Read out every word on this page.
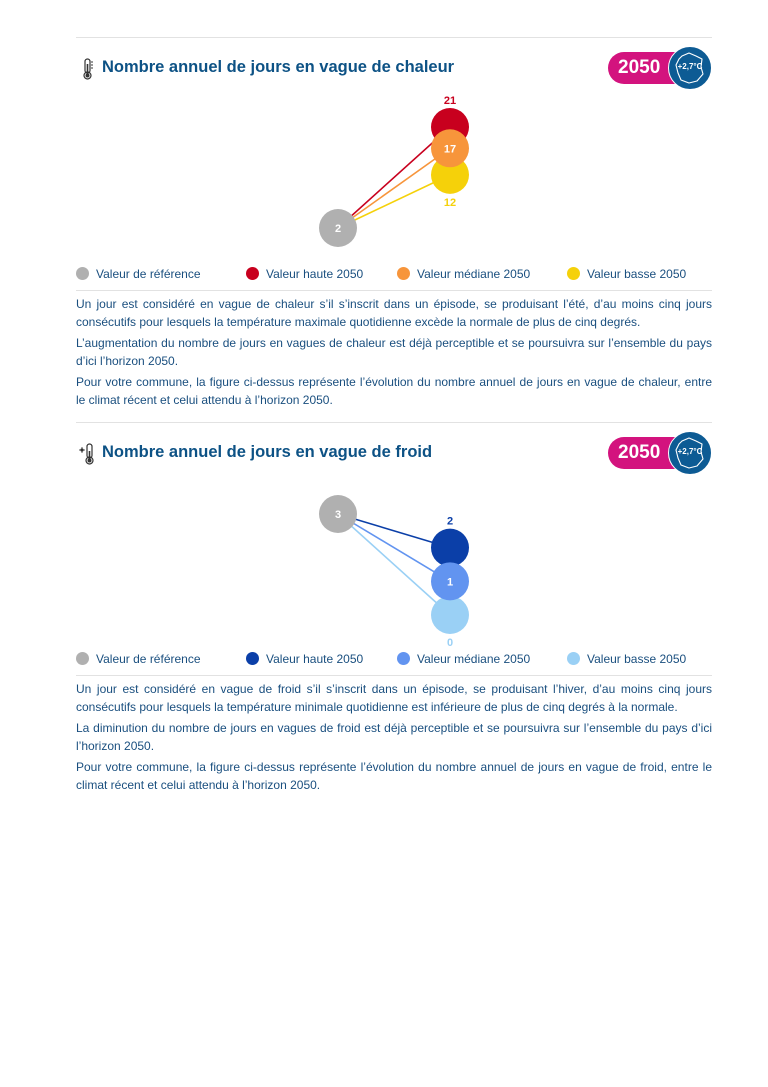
Nombre annuel de jours en vague de chaleur	2050	+2,7°C
2
21
17
12
Valeur de référence	Valeur haute 2050	Valeur médiane 2050	Valeur basse 2050

Un jour est considéré en vague de chaleur s’il s’inscrit dans un épisode, se produisant l’été, d’au moins cinq jours consécutifs pour lesquels la température maximale quotidienne excède la normale de plus de cinq degrés.

L’augmentation du nombre de jours en vagues de chaleur est déjà perceptible et se poursuivra sur l’ensemble du pays d’ici l’horizon 2050.

Pour votre commune, la figure ci-dessus représente l’évolution du nombre annuel de jours en vague de chaleur, entre le climat récent et celui attendu à l’horizon 2050.

Nombre annuel de jours en vague de froid	2050	+2,7°C
3
2
1
0
Valeur de référence	Valeur haute 2050	Valeur médiane 2050	Valeur basse 2050

Un jour est considéré en vague de froid s’il s’inscrit dans un épisode, se produisant l’hiver, d’au moins cinq jours consécutifs pour lesquels la température minimale quotidienne est inférieure de plus de cinq degrés à la normale.

La diminution du nombre de jours en vagues de froid est déjà perceptible et se poursuivra sur l’ensemble du pays d’ici l’horizon 2050.

Pour votre commune, la figure ci-dessus représente l’évolution du nombre annuel de jours en vague de froid, entre le climat récent et celui attendu à l’horizon 2050.
